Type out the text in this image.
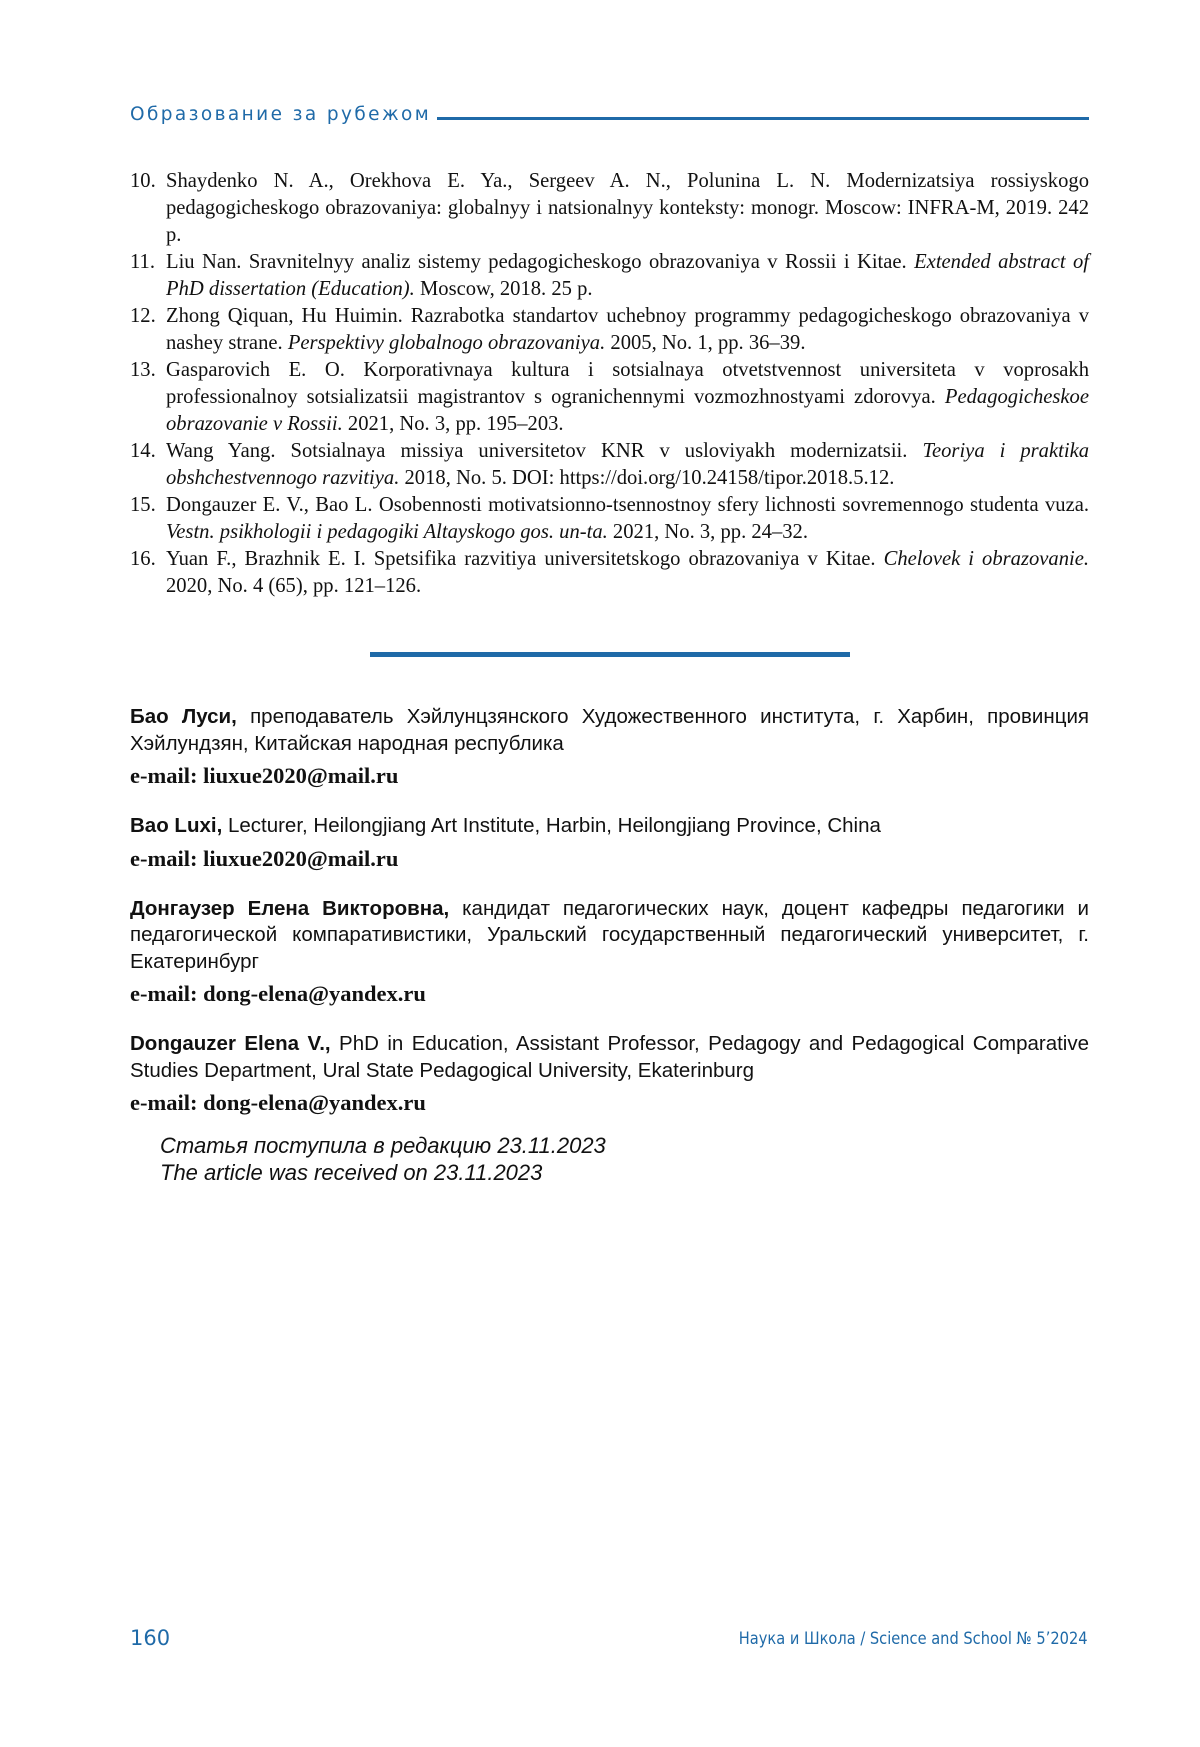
Образование за рубежом
10. Shaydenko N. A., Orekhova E. Ya., Sergeev A. N., Polunina L. N. Modernizatsiya rossiyskogo pedagogicheskogo obrazovaniya: globalnyy i natsionalnyy konteksty: monogr. Moscow: INFRA-M, 2019. 242 p.
11. Liu Nan. Sravnitelnyy analiz sistemy pedagogicheskogo obrazovaniya v Rossii i Kitae. Extended abstract of PhD dissertation (Education). Moscow, 2018. 25 p.
12. Zhong Qiquan, Hu Huimin. Razrabotka standartov uchebnoy programmy pedagogicheskogo obrazovaniya v nashey strane. Perspektivy globalnogo obrazovaniya. 2005, No. 1, pp. 36–39.
13. Gasparovich E. O. Korporativnaya kultura i sotsialnaya otvetstvennost universiteta v voprosakh professionalnoy sotsializatsii magistrantov s ogranichennymi vozmozhnostyami zdorovya. Pedagogicheskoe obrazovanie v Rossii. 2021, No. 3, pp. 195–203.
14. Wang Yang. Sotsialnaya missiya universitetov KNR v usloviyakh modernizatsii. Teoriya i praktika obshchestvennogo razvitiya. 2018, No. 5. DOI: https://doi.org/10.24158/tipor.2018.5.12.
15. Dongauzer E. V., Bao L. Osobennosti motivatsionno-tsennostnoy sfery lichnosti sovremennogo studenta vuza. Vestn. psikhologii i pedagogiki Altayskogo gos. un-ta. 2021, No. 3, pp. 24–32.
16. Yuan F., Brazhnik E. I. Spetsifika razvitiya universitetskogo obrazovaniya v Kitae. Chelovek i obrazovanie. 2020, No. 4 (65), pp. 121–126.
Бао Луси, преподаватель Хэйлунцзянского Художественного института, г. Харбин, провинция Хэйлундзян, Китайская народная республика
e-mail: liuxue2020@mail.ru
Bao Luxi, Lecturer, Heilongjiang Art Institute, Harbin, Heilongjiang Province, China
e-mail: liuxue2020@mail.ru
Донгаузер Елена Викторовна, кандидат педагогических наук, доцент кафедры педагогики и педагогической компаративистики, Уральский государственный педагогический университет, г. Екатеринбург
e-mail: dong-elena@yandex.ru
Dongauzer Elena V., PhD in Education, Assistant Professor, Pedagogy and Pedagogical Comparative Studies Department, Ural State Pedagogical University, Ekaterinburg
e-mail: dong-elena@yandex.ru
Статья поступила в редакцию 23.11.2023
The article was received on 23.11.2023
160	Наука и Школа / Science and School № 5’2024
